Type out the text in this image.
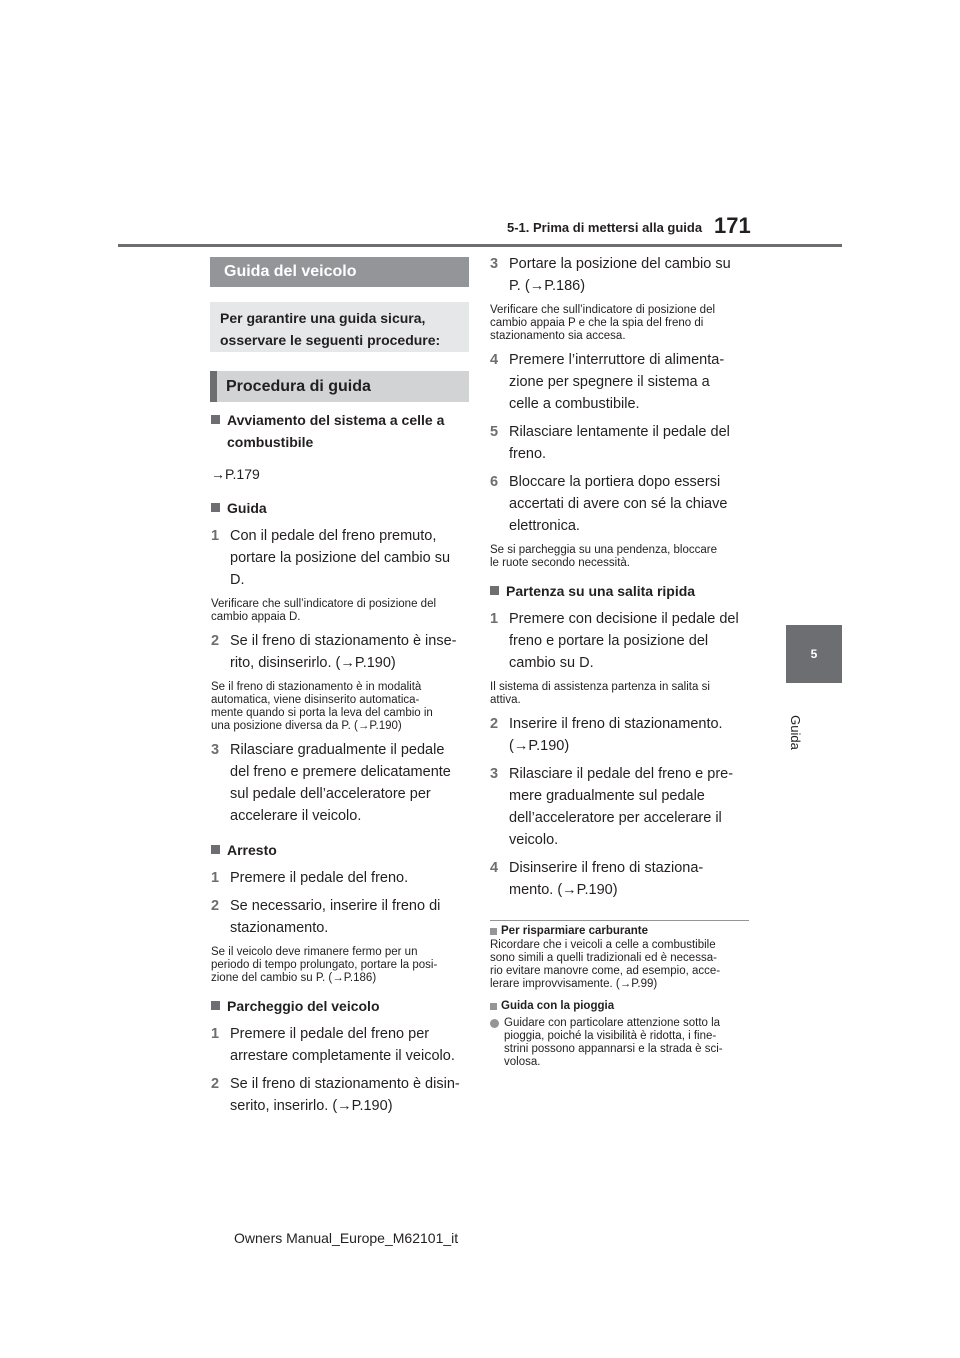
5-1. Prima di mettersi alla guida 171
5
Guida
Guida del veicolo
Per garantire una guida sicura,
osservare le seguenti procedure:
Procedura di guida
Avviamento del sistema a celle a
combustibile
→P.179
Guida
1 Con il pedale del freno premuto,
portare la posizione del cambio su
D.
Verificare che sull’indicatore di posizione del
cambio appaia D.
2 Se il freno di stazionamento è inse-
rito, disinserirlo. (→P.190)
Se il freno di stazionamento è in modalità
automatica, viene disinserito automatica-
mente quando si porta la leva del cambio in
una posizione diversa da P. (→P.190)
3 Rilasciare gradualmente il pedale
del freno e premere delicatamente
sul pedale dell’acceleratore per
accelerare il veicolo.
Arresto
1 Premere il pedale del freno.
2 Se necessario, inserire il freno di
stazionamento.
Se il veicolo deve rimanere fermo per un
periodo di tempo prolungato, portare la posi-
zione del cambio su P. (→P.186)
Parcheggio del veicolo
1 Premere il pedale del freno per
arrestare completamente il veicolo.
2 Se il freno di stazionamento è disin-
serito, inserirlo. (→P.190)
3 Portare la posizione del cambio su
P. (→P.186)
Verificare che sull’indicatore di posizione del
cambio appaia P e che la spia del freno di
stazionamento sia accesa.
4 Premere l’interruttore di alimenta-
zione per spegnere il sistema a
celle a combustibile.
5 Rilasciare lentamente il pedale del
freno.
6 Bloccare la portiera dopo essersi
accertati di avere con sé la chiave
elettronica.
Se si parcheggia su una pendenza, bloccare
le ruote secondo necessità.
Partenza su una salita ripida
1 Premere con decisione il pedale del
freno e portare la posizione del
cambio su D.
Il sistema di assistenza partenza in salita si
attiva.
2 Inserire il freno di stazionamento.
(→P.190)
3 Rilasciare il pedale del freno e pre-
mere gradualmente sul pedale
dell’acceleratore per accelerare il
veicolo.
4 Disinserire il freno di staziona-
mento. (→P.190)
Per risparmiare carburante
Ricordare che i veicoli a celle a combustibile
sono simili a quelli tradizionali ed è necessa-
rio evitare manovre come, ad esempio, acce-
lerare improvvisamente. (→P.99)
Guida con la pioggia
Guidare con particolare attenzione sotto la
pioggia, poiché la visibilità è ridotta, i fine-
strini possono appannarsi e la strada è sci-
volosa.
Owners Manual_Europe_M62101_it
